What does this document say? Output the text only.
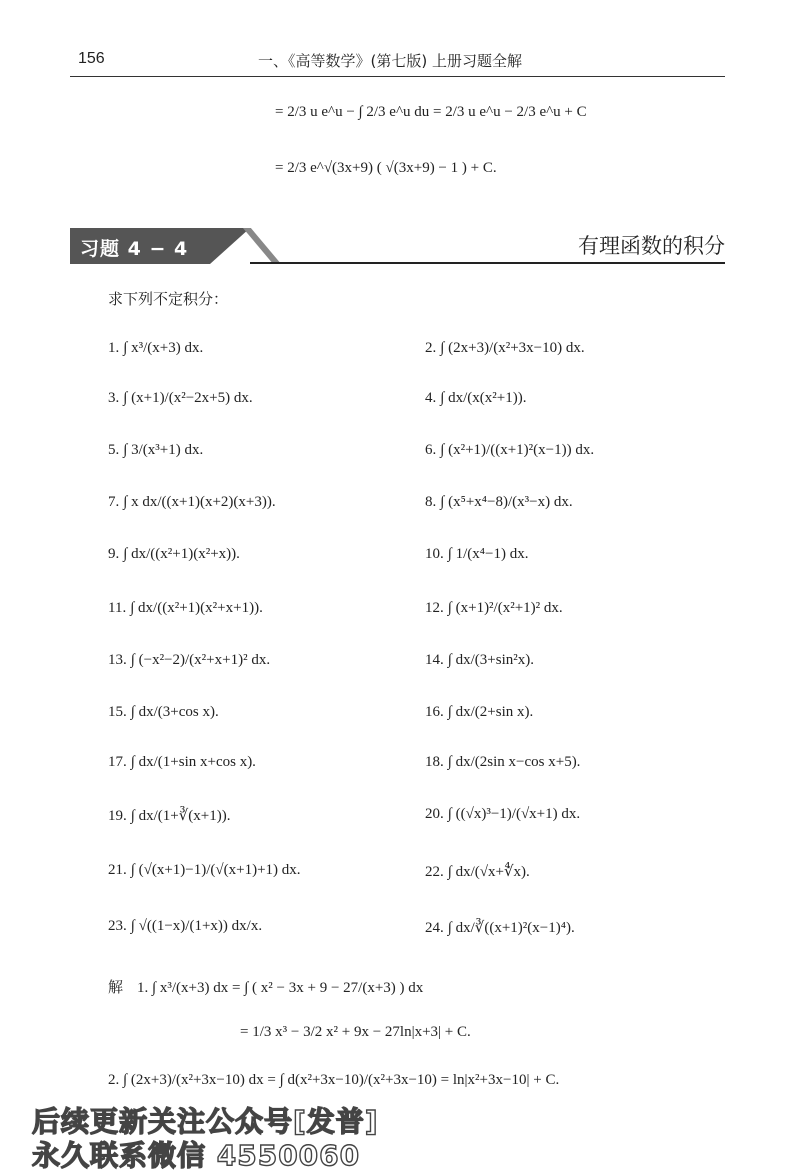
156	一、《高等数学》(第七版) 上册习题全解
= 2/3 u e^u − ∫ 2/3 e^u du = 2/3 u e^u − 2/3 e^u + C
= 2/3 e^√(3x+9) ( √(3x+9) − 1 ) + C.
习题 4 − 4	有理函数的积分
求下列不定积分：
1. ∫ x³/(x+3) dx.	2. ∫ (2x+3)/(x²+3x−10) dx.
3. ∫ (x+1)/(x²−2x+5) dx.	4. ∫ dx/(x(x²+1)).
5. ∫ 3/(x³+1) dx.	6. ∫ (x²+1)/((x+1)²(x−1)) dx.
7. ∫ x dx/((x+1)(x+2)(x+3)).	8. ∫ (x⁵+x⁴−8)/(x³−x) dx.
9. ∫ dx/((x²+1)(x²+x)).	10. ∫ 1/(x⁴−1) dx.
11. ∫ dx/((x²+1)(x²+x+1)).	12. ∫ (x+1)²/(x²+1)² dx.
13. ∫ (−x²−2)/(x²+x+1)² dx.	14. ∫ dx/(3+sin²x).
15. ∫ dx/(3+cos x).	16. ∫ dx/(2+sin x).
17. ∫ dx/(1+sin x+cos x).	18. ∫ dx/(2sin x−cos x+5).
19. ∫ dx/(1+∛(x+1)).	20. ∫ ((√x)³−1)/(√x+1) dx.
21. ∫ (√(x+1)−1)/(√(x+1)+1) dx.	22. ∫ dx/(√x+∜x).
23. ∫ √((1−x)/(1+x)) dx/x.	24. ∫ dx/∛((x+1)²(x−1)⁴).
解 1. ∫ x³/(x+3) dx = ∫ ( x² − 3x + 9 − 27/(x+3) ) dx
= 1/3 x³ − 3/2 x² + 9x − 27ln|x+3| + C.
2. ∫ (2x+3)/(x²+3x−10) dx = ∫ d(x²+3x−10)/(x²+3x−10) = ln|x²+3x−10| + C.
后续更新关注公众号[发普]
永久联系微信 4550060
